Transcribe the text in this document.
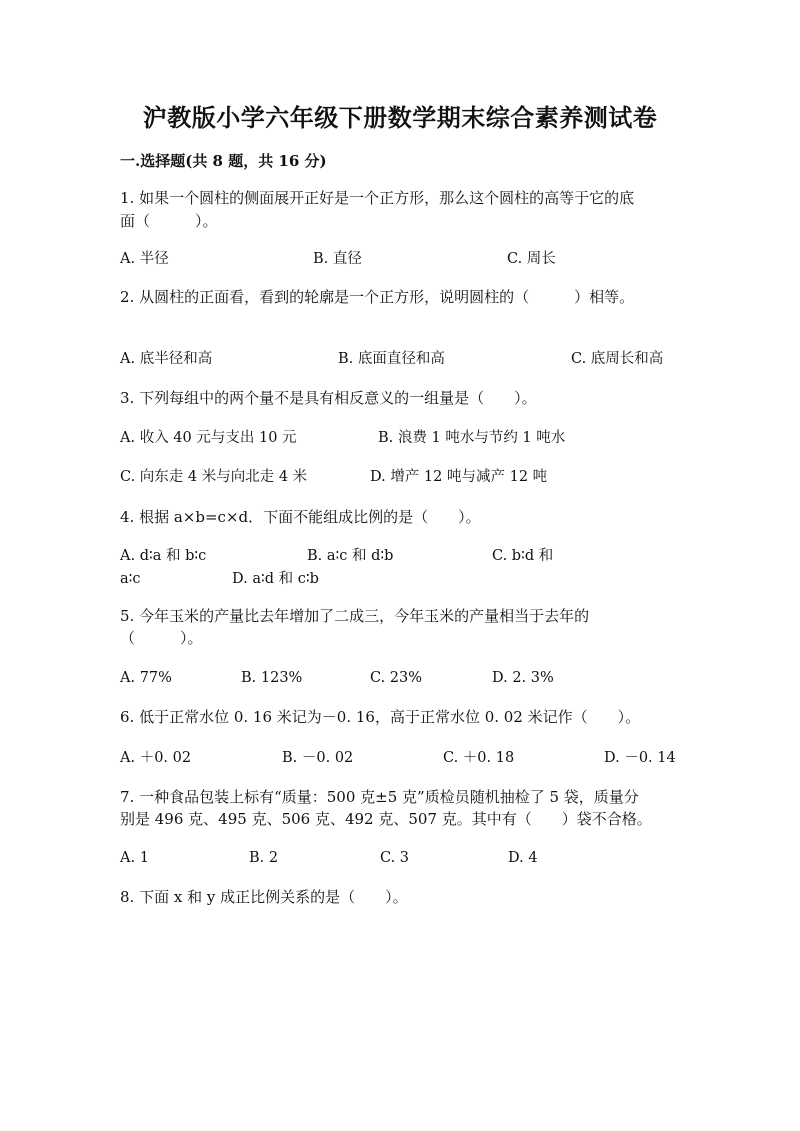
沪教版小学六年级下册数学期末综合素养测试卷
一.选择题(共 8 题，共 16 分)
1. 如果一个圆柱的侧面展开正好是一个正方形，那么这个圆柱的高等于它的底
面（　　　）。
A. 半径	B. 直径	C. 周长
2. 从圆柱的正面看，看到的轮廓是一个正方形，说明圆柱的（　　　）相等。
A. 底半径和高	B. 底面直径和高	C. 底周长和高
3. 下列每组中的两个量不是具有相反意义的一组量是（　　）。
A. 收入 40 元与支出 10 元	B. 浪费 1 吨水与节约 1 吨水
C. 向东走 4 米与向北走 4 米	D. 增产 12 吨与减产 12 吨
4. 根据 a×b=c×d．下面不能组成比例的是（　　）。
A. d∶a 和 b∶c	B. a∶c 和 d∶b	C. b∶d 和
a∶c	D. a∶d 和 c∶b
5. 今年玉米的产量比去年增加了二成三，今年玉米的产量相当于去年的
（　　　）。
A. 77%	B. 123%	C. 23%	D. 2. 3%
6. 低于正常水位 0. 16 米记为－0. 16，高于正常水位 0. 02 米记作（　　）。
A. ＋0. 02	B. －0. 02	C. ＋0. 18	D. －0. 14
7. 一种食品包装上标有“质量：500 克±5 克”质检员随机抽检了 5 袋，质量分
别是 496 克、495 克、506 克、492 克、507 克。其中有（　　）袋不合格。
A. 1	B. 2	C. 3	D. 4
8. 下面 x 和 y 成正比例关系的是（　　）。
